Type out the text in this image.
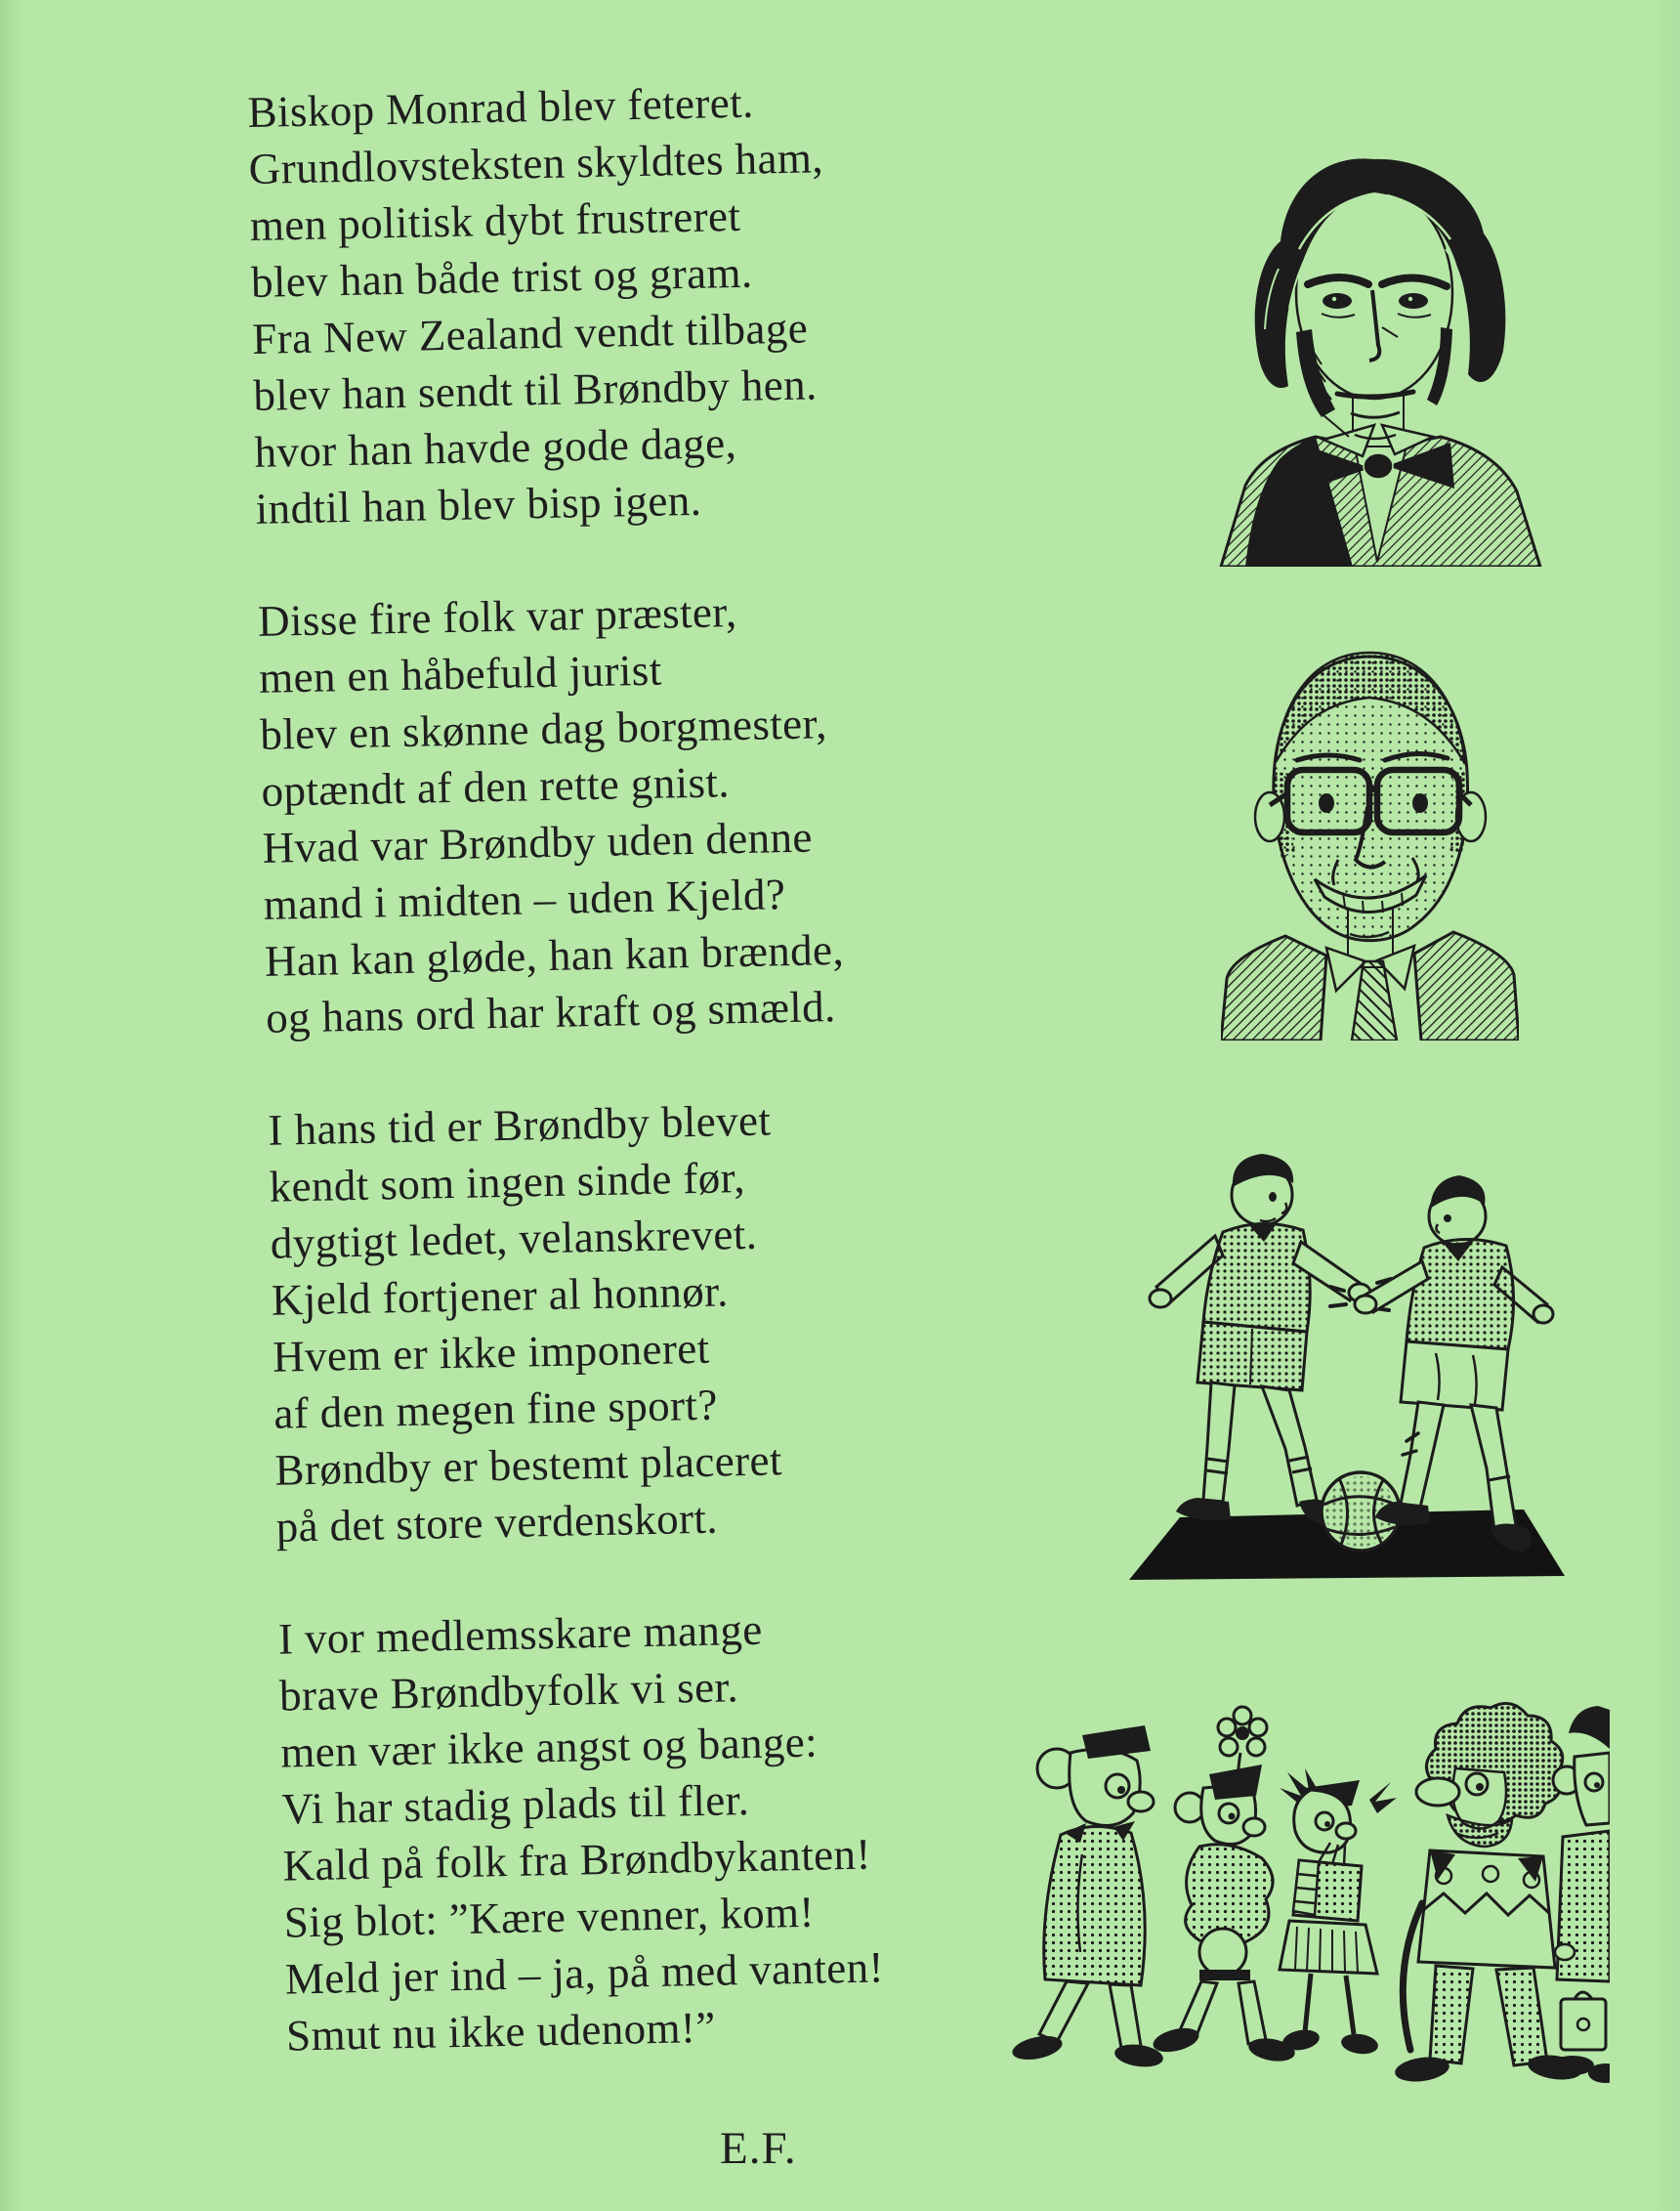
Biskop Monrad blev feteret.
Grundlovsteksten skyldtes ham,
men politisk dybt frustreret
blev han både trist og gram.
Fra New Zealand vendt tilbage
blev han sendt til Brøndby hen.
hvor han havde gode dage,
indtil han blev bisp igen.
Disse fire folk var præster,
men en håbefuld jurist
blev en skønne dag borgmester,
optændt af den rette gnist.
Hvad var Brøndby uden denne
mand i midten – uden Kjeld?
Han kan gløde, han kan brænde,
og hans ord har kraft og smæld.
I hans tid er Brøndby blevet
kendt som ingen sinde før,
dygtigt ledet, velanskrevet.
Kjeld fortjener al honnør.
Hvem er ikke imponeret
af den megen fine sport?
Brøndby er bestemt placeret
på det store verdenskort.
I vor medlemsskare mange
brave Brøndbyfolk vi ser.
men vær ikke angst og bange:
Vi har stadig plads til fler.
Kald på folk fra Brøndbykanten!
Sig blot: ”Kære venner, kom!
Meld jer ind – ja, på med vanten!
Smut nu ikke udenom!”
E.F.
